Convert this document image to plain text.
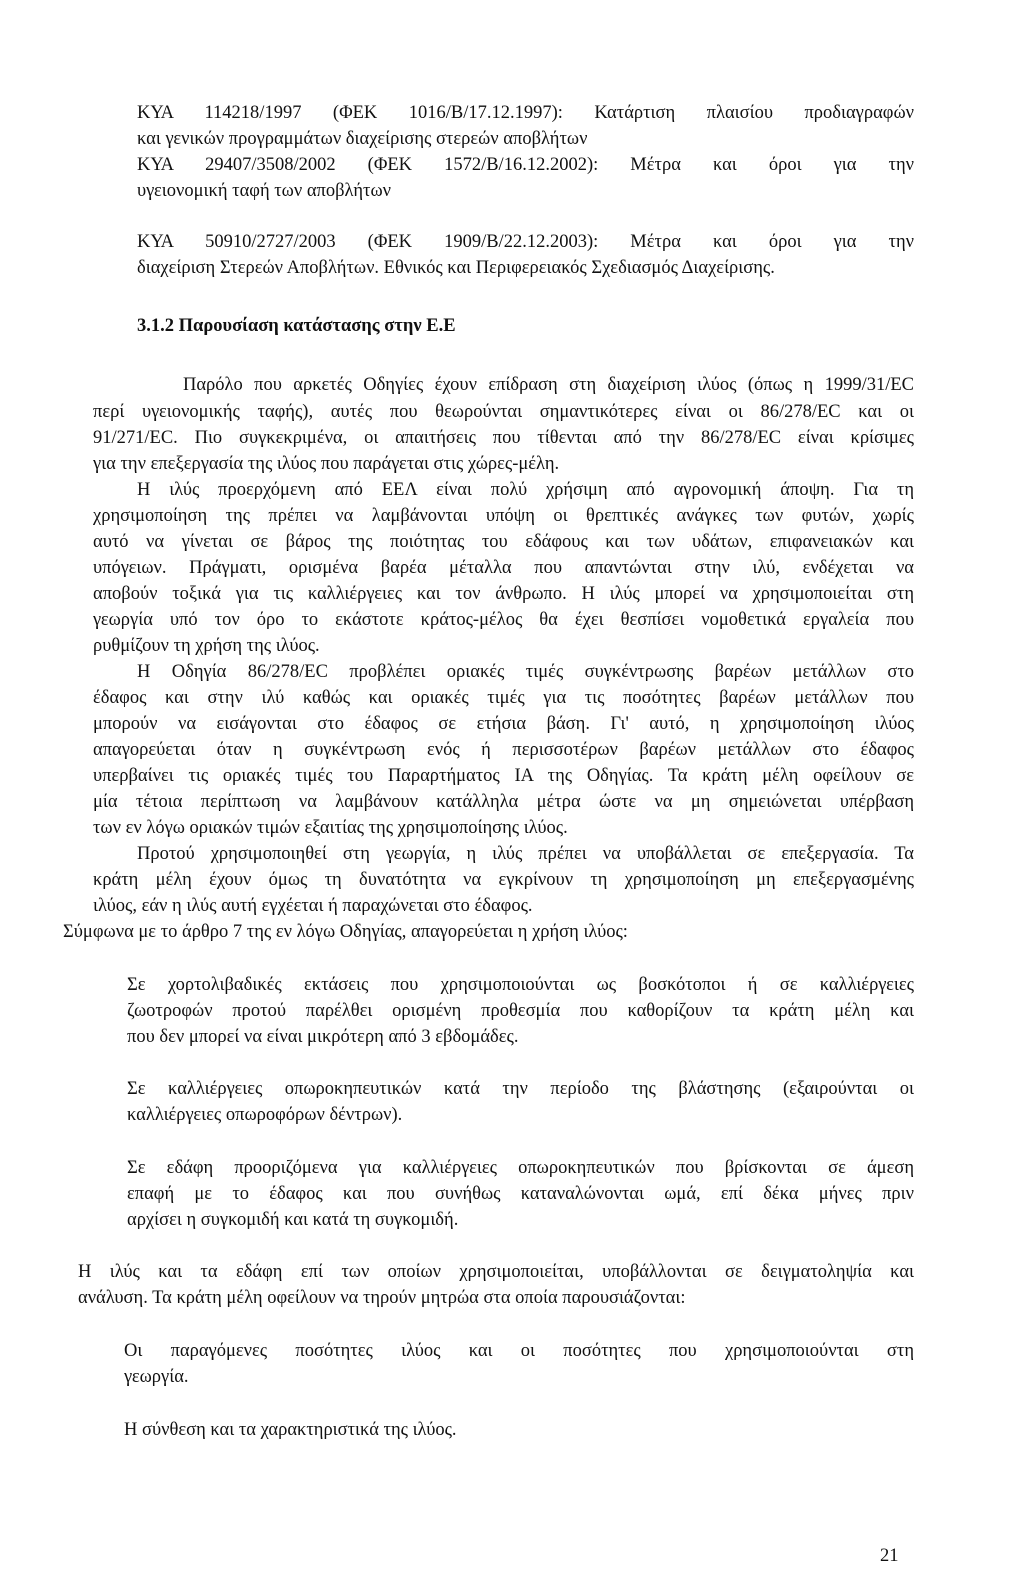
ΚΥΑ 114218/1997 (ΦΕΚ 1016/Β/17.12.1997): Κατάρτιση πλαισίου προδιαγραφών
και γενικών προγραμμάτων διαχείρισης στερεών αποβλήτων
ΚΥΑ 29407/3508/2002 (ΦΕΚ 1572/Β/16.12.2002): Μέτρα και όροι για την
υγειονομική ταφή των αποβλήτων
ΚΥΑ 50910/2727/2003 (ΦΕΚ 1909/Β/22.12.2003): Μέτρα και όροι για την
διαχείριση Στερεών Αποβλήτων. Εθνικός και Περιφερειακός Σχεδιασμός Διαχείρισης.
3.1.2 Παρουσίαση κατάστασης στην Ε.Ε
Παρόλο που αρκετές Οδηγίες έχουν επίδραση στη διαχείριση ιλύος (όπως η 1999/31/EC
περί υγειονομικής ταφής), αυτές που θεωρούνται σημαντικότερες είναι οι 86/278/EC και οι
91/271/EC. Πιο συγκεκριμένα, οι απαιτήσεις που τίθενται από την 86/278/EC είναι κρίσιμες
για την επεξεργασία της ιλύος που παράγεται στις χώρες-μέλη.
Η ιλύς προερχόμενη από ΕΕΛ είναι πολύ χρήσιμη από αγρονομική άποψη. Για τη
χρησιμοποίηση της πρέπει να λαμβάνονται υπόψη οι θρεπτικές ανάγκες των φυτών, χωρίς
αυτό να γίνεται σε βάρος της ποιότητας του εδάφους και των υδάτων, επιφανειακών και
υπόγειων. Πράγματι, ορισμένα βαρέα μέταλλα που απαντώνται στην ιλύ, ενδέχεται να
αποβούν τοξικά για τις καλλιέργειες και τον άνθρωπο. Η ιλύς μπορεί να χρησιμοποιείται στη
γεωργία υπό τον όρο το εκάστοτε κράτος-μέλος θα έχει θεσπίσει νομοθετικά εργαλεία που
ρυθμίζουν τη χρήση της ιλύος.
Η Οδηγία 86/278/EC προβλέπει οριακές τιμές συγκέντρωσης βαρέων μετάλλων στο
έδαφος και στην ιλύ καθώς και οριακές τιμές για τις ποσότητες βαρέων μετάλλων που
μπορούν να εισάγονται στο έδαφος σε ετήσια βάση. Γι' αυτό, η χρησιμοποίηση ιλύος
απαγορεύεται όταν η συγκέντρωση ενός ή περισσοτέρων βαρέων μετάλλων στο έδαφος
υπερβαίνει τις οριακές τιμές του Παραρτήματος ΙΑ της Οδηγίας. Τα κράτη μέλη οφείλουν σε
μία τέτοια περίπτωση να λαμβάνουν κατάλληλα μέτρα ώστε να μη σημειώνεται υπέρβαση
των εν λόγω οριακών τιμών εξαιτίας της χρησιμοποίησης ιλύος.
Προτού χρησιμοποιηθεί στη γεωργία, η ιλύς πρέπει να υποβάλλεται σε επεξεργασία. Τα
κράτη μέλη έχουν όμως τη δυνατότητα να εγκρίνουν τη χρησιμοποίηση μη επεξεργασμένης
ιλύος, εάν η ιλύς αυτή εγχέεται ή παραχώνεται στο έδαφος.
Σύμφωνα με το άρθρο 7 της εν λόγω Οδηγίας, απαγορεύεται η χρήση ιλύος:
Σε χορτολιβαδικές εκτάσεις που χρησιμοποιούνται ως βοσκότοποι ή σε καλλιέργειες
ζωοτροφών προτού παρέλθει ορισμένη προθεσμία που καθορίζουν τα κράτη μέλη και
που δεν μπορεί να είναι μικρότερη από 3 εβδομάδες.
Σε καλλιέργειες οπωροκηπευτικών κατά την περίοδο της βλάστησης (εξαιρούνται οι
καλλιέργειες οπωροφόρων δέντρων).
Σε εδάφη προοριζόμενα για καλλιέργειες οπωροκηπευτικών που βρίσκονται σε άμεση
επαφή με το έδαφος και που συνήθως καταναλώνονται ωμά, επί δέκα μήνες πριν
αρχίσει η συγκομιδή και κατά τη συγκομιδή.
Η ιλύς και τα εδάφη επί των οποίων χρησιμοποιείται, υποβάλλονται σε δειγματοληψία και
ανάλυση. Τα κράτη μέλη οφείλουν να τηρούν μητρώα στα οποία παρουσιάζονται:
Οι παραγόμενες ποσότητες ιλύος και οι ποσότητες που χρησιμοποιούνται στη
γεωργία.
Η σύνθεση και τα χαρακτηριστικά της ιλύος.
21
